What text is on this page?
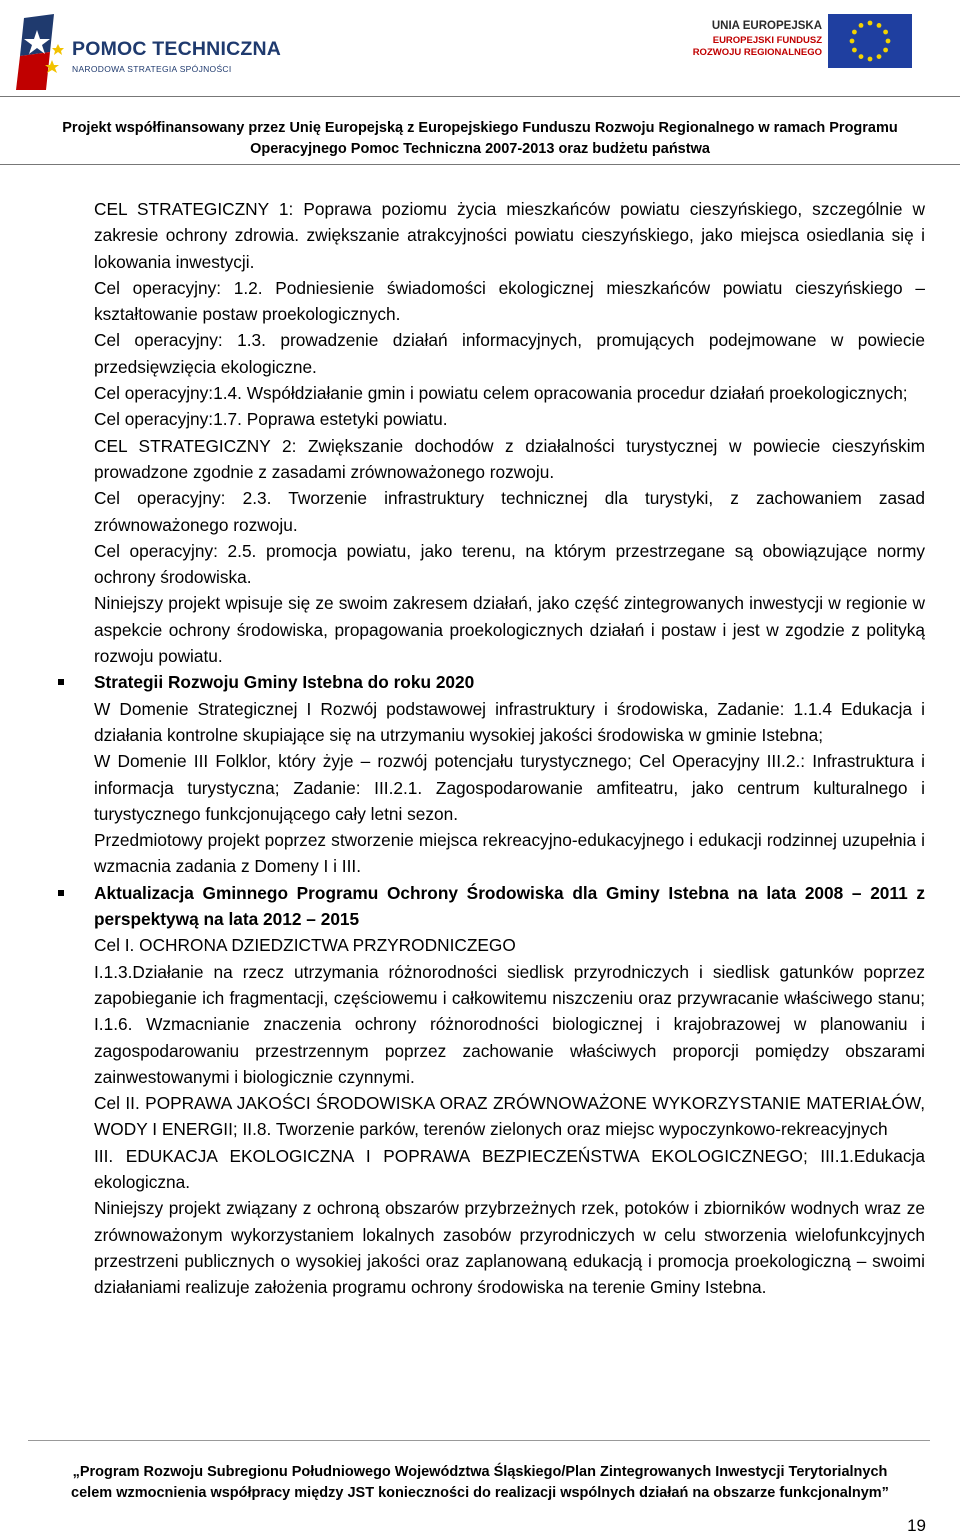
POMOC TECHNICZNA
NARODOWA STRATEGIA SPÓJNOŚCI
UNIA EUROPEJSKA
EUROPEJSKI FUNDUSZ
ROZWOJU REGIONALNEGO
Projekt współfinansowany przez Unię Europejską z Europejskiego Funduszu Rozwoju Regionalnego w ramach Programu
Operacyjnego Pomoc Techniczna 2007-2013 oraz budżetu państwa

CEL STRATEGICZNY 1: Poprawa poziomu życia mieszkańców powiatu cieszyńskiego, szczególnie w zakresie ochrony zdrowia. zwiększanie atrakcyjności powiatu cieszyńskiego, jako miejsca osiedlania się i lokowania inwestycji.

Cel operacyjny: 1.2. Podniesienie świadomości ekologicznej mieszkańców powiatu cieszyńskiego – kształtowanie postaw proekologicznych.

Cel operacyjny: 1.3. prowadzenie działań informacyjnych, promujących podejmowane w powiecie przedsięwzięcia ekologiczne.

Cel operacyjny:1.4. Współdziałanie gmin i powiatu celem opracowania procedur działań proekologicznych;

Cel operacyjny:1.7. Poprawa estetyki powiatu.

CEL STRATEGICZNY 2: Zwiększanie dochodów z działalności turystycznej w powiecie cieszyńskim prowadzone zgodnie z zasadami zrównoważonego rozwoju.

Cel operacyjny: 2.3. Tworzenie infrastruktury technicznej dla turystyki, z zachowaniem zasad zrównoważonego rozwoju.

Cel operacyjny: 2.5. promocja powiatu, jako terenu, na którym przestrzegane są obowiązujące normy ochrony środowiska.

Niniejszy projekt wpisuje się ze swoim zakresem działań, jako część zintegrowanych inwestycji w regionie w aspekcie ochrony środowiska, propagowania proekologicznych działań i postaw i jest w zgodzie z polityką rozwoju powiatu.

Strategii Rozwoju Gminy Istebna do roku 2020

W Domenie Strategicznej I Rozwój podstawowej infrastruktury i środowiska, Zadanie: 1.1.4 Edukacja i działania kontrolne skupiające się na utrzymaniu wysokiej jakości środowiska w gminie Istebna;

W Domenie III Folklor, który żyje – rozwój potencjału turystycznego; Cel Operacyjny III.2.: Infrastruktura i informacja turystyczna; Zadanie: III.2.1. Zagospodarowanie amfiteatru, jako centrum kulturalnego i turystycznego funkcjonującego cały letni sezon.

Przedmiotowy projekt poprzez stworzenie miejsca rekreacyjno-edukacyjnego i edukacji rodzinnej uzupełnia i wzmacnia zadania z Domeny I i III.

Aktualizacja Gminnego Programu Ochrony Środowiska dla Gminy Istebna na lata 2008 – 2011 z perspektywą na lata 2012 – 2015

Cel I. OCHRONA DZIEDZICTWA PRZYRODNICZEGO

I.1.3.Działanie na rzecz utrzymania różnorodności siedlisk przyrodniczych i siedlisk gatunków poprzez zapobieganie ich fragmentacji, częściowemu i całkowitemu niszczeniu oraz przywracanie właściwego stanu; I.1.6. Wzmacnianie znaczenia ochrony różnorodności biologicznej i krajobrazowej w planowaniu i zagospodarowaniu przestrzennym poprzez zachowanie właściwych proporcji pomiędzy obszarami zainwestowanymi i biologicznie czynnymi.

Cel II. POPRAWA JAKOŚCI ŚRODOWISKA ORAZ ZRÓWNOWAŻONE WYKORZYSTANIE MATERIAŁÓW, WODY I ENERGII; II.8. Tworzenie parków, terenów zielonych oraz miejsc wypoczynkowo-rekreacyjnych

III. EDUKACJA EKOLOGICZNA I POPRAWA BEZPIECZEŃSTWA EKOLOGICZNEGO; III.1.Edukacja ekologiczna.

Niniejszy projekt związany z ochroną obszarów przybrzeżnych rzek, potoków i zbiorników wodnych wraz ze zrównoważonym wykorzystaniem lokalnych zasobów przyrodniczych w celu stworzenia wielofunkcyjnych przestrzeni publicznych o wysokiej jakości oraz zaplanowaną edukacją i promocja proekologiczną – swoimi działaniami realizuje założenia programu ochrony środowiska na terenie Gminy Istebna.

„Program Rozwoju Subregionu Południowego Województwa Śląskiego/Plan Zintegrowanych Inwestycji Terytorialnych
celem wzmocnienia współpracy między JST konieczności do realizacji wspólnych działań na obszarze funkcjonalnym”
19
